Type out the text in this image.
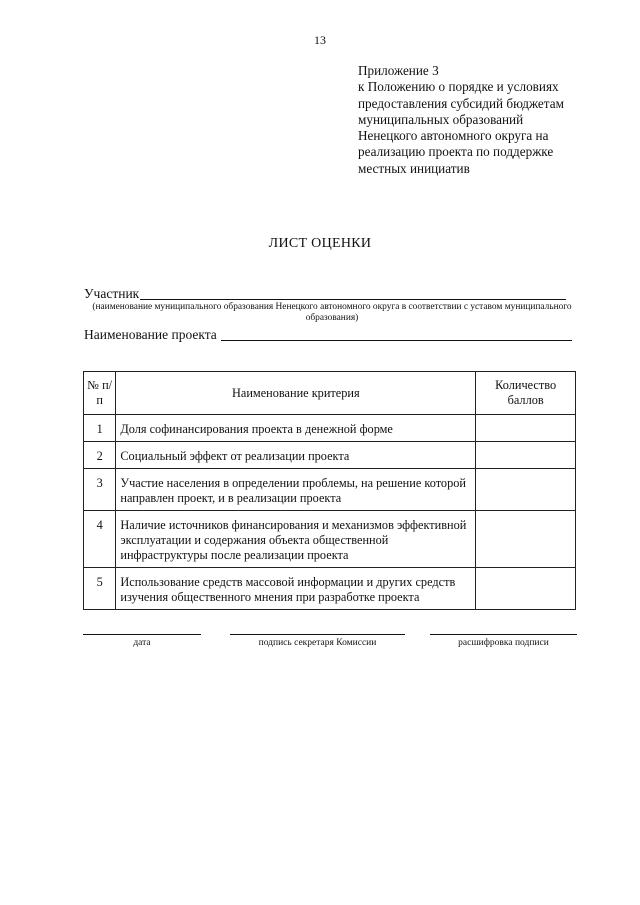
13
Приложение 3
к Положению о порядке и условиях
предоставления субсидий бюджетам
муниципальных образований
Ненецкого автономного округа на
реализацию проекта по поддержке
местных инициатив
ЛИСТ ОЦЕНКИ
Участник
(наименование муниципального образования Ненецкого автономного округа в соответствии с уставом муниципального образования)
Наименование проекта
№ п/п	Наименование критерия	Количество баллов
1	Доля софинансирования проекта в денежной форме	
2	Социальный эффект от реализации проекта	
3	Участие населения в определении проблемы, на решение которой направлен проект, и в реализации проекта	
4	Наличие источников финансирования и механизмов эффективной эксплуатации и содержания объекта общественной инфраструктуры после реализации проекта	
5	Использование средств массовой информации и других средств изучения общественного мнения при разработке проекта	
дата	подпись секретаря Комиссии	расшифровка подписи
